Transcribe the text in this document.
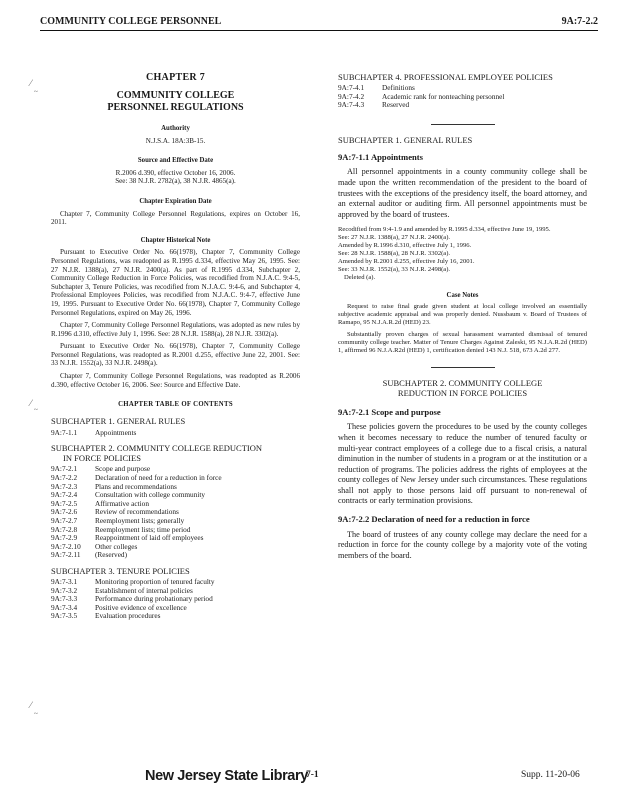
COMMUNITY COLLEGE PERSONNEL	9A:7-2.2
⁄
~
⁄
~
⁄
~
CHAPTER 7
COMMUNITY COLLEGE
PERSONNEL REGULATIONS
Authority
N.J.S.A. 18A:3B-15.
Source and Effective Date
R.2006 d.390, effective October 16, 2006.
See: 38 N.J.R. 2782(a), 38 N.J.R. 4865(a).
Chapter Expiration Date
Chapter 7, Community College Personnel Regulations, expires on October 16, 2011.
Chapter Historical Note
Pursuant to Executive Order No. 66(1978), Chapter 7, Community College Personnel Regulations, was readopted as R.1995 d.334, effective May 26, 1995. See: 27 N.J.R. 1388(a), 27 N.J.R. 2400(a). As part of R.1995 d.334, Subchapter 2, Community College Reduction in Force Policies, was recodified from N.J.A.C. 9:4-5, Subchapter 3, Tenure Policies, was recodified from N.J.A.C. 9:4-6, and Subchapter 4, Professional Employees Policies, was recodified from N.J.A.C. 9:4-7, effective June 19, 1995. Pursuant to Executive Order No. 66(1978), Chapter 7, Community College Personnel Regulations, expired on May 26, 1996.
Chapter 7, Community College Personnel Regulations, was adopted as new rules by R.1996 d.310, effective July 1, 1996. See: 28 N.J.R. 1588(a), 28 N.J.R. 3302(a).
Pursuant to Executive Order No. 66(1978), Chapter 7, Community College Personnel Regulations, was readopted as R.2001 d.255, effective June 22, 2001. See: 33 N.J.R. 1552(a), 33 N.J.R. 2498(a).
Chapter 7, Community College Personnel Regulations, was readopted as R.2006 d.390, effective October 16, 2006. See: Source and Effective Date.
CHAPTER TABLE OF CONTENTS
SUBCHAPTER 1. GENERAL RULES
9A:7-1.1	Appointments
SUBCHAPTER 2. COMMUNITY COLLEGE REDUCTION
IN FORCE POLICIES
9A:7-2.1	Scope and purpose
9A:7-2.2	Declaration of need for a reduction in force
9A:7-2.3	Plans and recommendations
9A:7-2.4	Consultation with college community
9A:7-2.5	Affirmative action
9A:7-2.6	Review of recommendations
9A:7-2.7	Reemployment lists; generally
9A:7-2.8	Reemployment lists; time period
9A:7-2.9	Reappointment of laid off employees
9A:7-2.10	Other colleges
9A:7-2.11	(Reserved)
SUBCHAPTER 3. TENURE POLICIES
9A:7-3.1	Monitoring proportion of tenured faculty
9A:7-3.2	Establishment of internal policies
9A:7-3.3	Performance during probationary period
9A:7-3.4	Positive evidence of excellence
9A:7-3.5	Evaluation procedures
SUBCHAPTER 4. PROFESSIONAL EMPLOYEE POLICIES
9A:7-4.1	Definitions
9A:7-4.2	Academic rank for nonteaching personnel
9A:7-4.3	Reserved
SUBCHAPTER 1. GENERAL RULES
9A:7-1.1 Appointments
All personnel appointments in a county community college shall be made upon the written recommendation of the president to the board of trustees with the exceptions of the presidency itself, the board attorney, and an external auditor or auditing firm. All personnel appointments must be approved by the board of trustees.
Recodified from 9:4-1.9 and amended by R.1995 d.334, effective June 19, 1995.
See: 27 N.J.R. 1388(a), 27 N.J.R. 2400(a).
Amended by R.1996 d.310, effective July 1, 1996.
See: 28 N.J.R. 1588(a), 28 N.J.R. 3302(a).
Amended by R.2001 d.255, effective July 16, 2001.
See: 33 N.J.R. 1552(a), 33 N.J.R. 2498(a).
Deleted (a).
Case Notes
Request to raise final grade given student at local college involved an essentially subjective academic appraisal and was properly denied. Nussbaum v. Board of Trustees of Ramapo, 95 N.J.A.R.2d (HED) 23.
Substantially proven charges of sexual harassment warranted dismissal of tenured community college teacher. Matter of Tenure Charges Against Zaleski, 95 N.J.A.R.2d (HED) 1, affirmed 96 N.J.A.R2d (HED) 1, certification denied 143 N.J. 518, 673 A.2d 277.
SUBCHAPTER 2. COMMUNITY COLLEGE
REDUCTION IN FORCE POLICIES
9A:7-2.1 Scope and purpose
These policies govern the procedures to be used by the county colleges when it becomes necessary to reduce the number of tenured faculty or multi-year contract employees of a college due to a fiscal crisis, a natural diminution in the number of students in a program or at the institution or a reduction of programs. The policies address the rights of employees at the county colleges of New Jersey under such circumstances. These regulations shall not apply to those persons laid off pursuant to non-renewal of contracts or early termination provisions.
9A:7-2.2 Declaration of need for a reduction in force
The board of trustees of any county college may declare the need for a reduction in force for the county college by a majority vote of the voting members of the board.
New Jersey State Library
7-1	Supp. 11-20-06
